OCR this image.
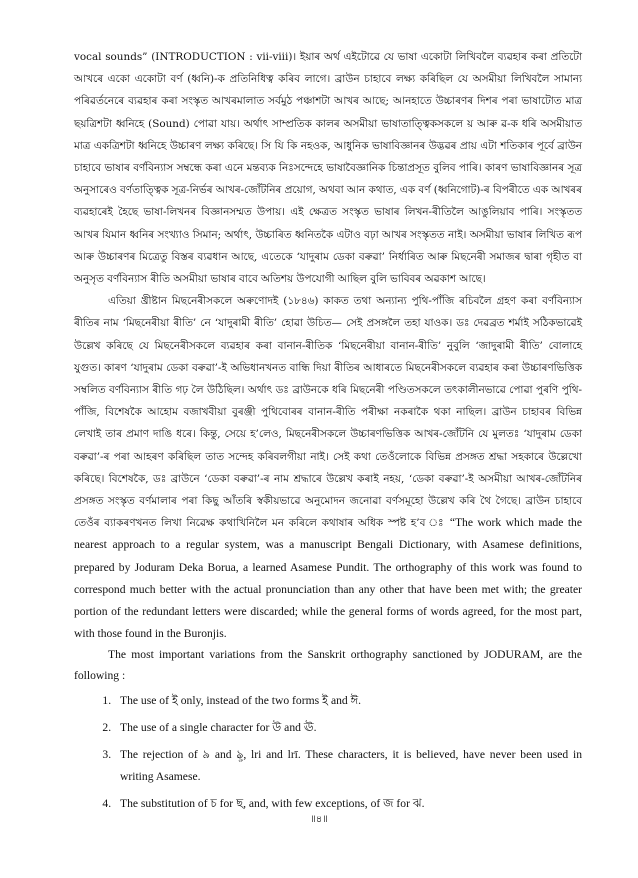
vocal sounds” (INTRODUCTION : vii-viii)। ইয়াৰ অৰ্থ এইটোৱে যে ভাষা একোটা লিখিবলৈ ব্যৱহাৰ কৰা প্ৰতিটো আখৰে একো একোটা বৰ্ণ (ধ্বনি)-ক প্ৰতিনিধিত্ব কৰিব লাগে। ব্ৰাউন চাহাবে লক্ষ্য কৰিছিল যে অসমীয়া লিখিবলৈ সামান্য পৰিৱৰ্তনেৰে ব্যৱহাৰ কৰা সংস্কৃত আখৰমালাত সৰ্বমুঠ পঞ্চাশটা আখৰ আছে; আনহাতে উচ্চাৰণৰ দিশৰ পৰা ভাষাটোত মাত্ৰ ছয়ত্ৰিশটা ধ্বনিহে (Sound) পোৱা যায়। অৰ্থাৎ সাম্প্ৰতিক কালৰ অসমীয়া ভাষাতাত্ত্বিকসকলে য় আৰু ৱ-ক ধৰি অসমীয়াত মাত্ৰ একত্ৰিশটা ধ্বনিহে উচ্চাৰণ লক্ষ্য কৰিছে। সি যি কি নহওক, আধুনিক ভাষাবিজ্ঞানৰ উদ্ভৱৰ প্ৰায় এটা শতিকাৰ পূৰ্বে ব্ৰাউন চাহাবে ভাষাৰ বৰ্ণবিন্যাস সম্বন্ধে কৰা এনে মন্তব্যক নিঃসন্দেহে ভাষাবৈজ্ঞানিক চিন্তাপ্ৰসূত বুলিব পাৰি। কাৰণ ভাষাবিজ্ঞানৰ সূত্ৰ অনুসাৰেও বৰ্ণতাত্ত্বিক সূত্ৰ-নিৰ্ভৰ আখৰ-জোঁটনিৰ প্ৰয়োগ, অথবা আন কথাত, এক বৰ্ণ (ধ্বনিগোট)-ৰ বিপৰীতে এক আখৰৰ ব্যৱহাৰেই হৈছে ভাষা-লিখনৰ বিজ্ঞানসম্মত উপায়। এই ক্ষেত্ৰত সংস্কৃত ভাষাৰ লিখন-ৰীতিলৈ আঙুলিয়াব পাৰি। সংস্কৃতত আখৰ যিমান ধ্বনিৰ সংখ্যাও সিমান; অৰ্থাৎ, উচ্চাৰিত ধ্বনিতকৈ এটাও বঢ়া আখৰ সংস্কৃতত নাই। অসমীয়া ভাষাৰ লিখিত ৰূপ আৰু উচ্চাৰণৰ মিত্ৰেতু বিস্তৰ ব্যৱধান আছে, এতেকে ‘যাদুৰাম ডেকা বৰুৱা’ নিৰ্ধাৰিত আৰু মিছনেৰী সমাজৰ দ্বাৰা গৃহীত বা অনুসৃত বৰ্ণবিন্যাস ৰীতি অসমীয়া ভাষাৰ বাবে অতিশয় উপযোগী আছিল বুলি ভাবিবৰ অৱকাশ আছে।

এতিয়া খ্ৰীষ্টান মিছনেৰীসকলে অৰুণোদই (১৮৪৬) কাকত তথা অন্যান্য পুথি-পাঁজি ৰচিবলৈ গ্ৰহণ কৰা বৰ্ণবিন্যাস ৰীতিৰ নাম ‘মিছনেৰীয়া ৰীতি’ নে ‘যাদুৰামী ৰীতি’ হোৱা উচিত— সেই প্ৰসঙ্গলৈ তহা যাওক। ডঃ দেৱব্ৰত শৰ্মাই সঠিকভাৱেই উল্লেখ কৰিছে যে মিছনেৰীসকলে ব্যৱহাৰ কৰা বানান-ৰীতিক ‘মিছনেৰীয়া বানান-ৰীতি’ নুবুলি ‘জাদুৰামী ৰীতি’ বোলাহে যুগুত। কাৰণ ‘যাদুৰাম ডেকা বৰুৱা’-ই অভিধানখনত বান্ধি দিয়া ৰীতিৰ আধাৰতে মিছনেৰীসকলে ব্যৱহাৰ কৰা উচ্চাৰণভিত্তিক সম্বলিত বৰ্ণবিন্যাস ৰীতি গঢ় লৈ উঠিছিল। অৰ্থাৎ ডঃ ব্ৰাউনকে ধৰি মিছনেৰী পণ্ডিতসকলে তৎকালীনভাৱে পোৱা পুৰণি পুথি-পাঁজি, বিশেষকৈ আহোম বজাখবীয়া বুৰঞ্জী পুথিবোৰৰ বানান-ৰীতি পৰীক্ষা নকৰাকৈ থকা নাছিল। ব্ৰাউন চাহাবৰ বিভিন্ন লেখাই তাৰ প্ৰমাণ দাঙি ধৰে। কিন্তু, সেয়ে হ’লেও, মিছনেৰীসকলে উচ্চাৰণভিত্তিক আখৰ-জোঁটনি যে মুলতঃ ‘যাদুৰাম ডেকা বৰুৱা’-ৰ পৰা আহৰণ কৰিছিল তাত সন্দেহ কৰিবলগীয়া নাই। সেই কথা তেওঁলোকে বিভিন্ন প্ৰসঙ্গত শ্ৰদ্ধা সহকাৰে উল্লেখো কৰিছে। বিশেষকৈ, ডঃ ব্ৰাউনে ‘ডেকা বৰুৱা’-ৰ নাম শ্ৰদ্ধাৰে উল্লেখ কৰাই নহয়, ‘ডেকা বৰুৱা’-ই অসমীয়া আখৰ-জোঁটনিৰ প্ৰসঙ্গত সংস্কৃত বৰ্ণমালাৰ পৰা কিছু আঁতৰি স্বকীয়ভাৱে অনুমোদন জনোৱা বৰ্ণসমূহো উল্লেখ কৰি থৈ গৈছে। ব্ৰাউন চাহাবে তেওঁৰ ব্যাকৰণখনত লিখা নিৱেক্ষ কথাখিনিলৈ মন কৰিলে কথাষাৰ অধিক স্পষ্ট হ’ব ঃ “The work which made the nearest approach to a regular system, was a manuscript Bengali Dictionary, with Asamese definitions, prepared by Joduram Deka Borua, a learned Asamese Pundit. The orthography of this work was found to correspond much better with the actual pronunciation than any other that have been met with; the greater portion of the redundant letters were discarded; while the general forms of words agreed, for the most part, with those found in the Buronjis.

The most important variations from the Sanskrit orthography sanctioned by JODURAM, are the following :

1. The use of ই only, instead of the two forms ই and ঈ.
2. The use of a single character for উ and ঊ.
3. The rejection of ৯ and ৡ, lri and lrī. These characters, it is believed, have never been used in writing Asamese.
4. The substitution of চ for ছ, and, with few exceptions, of জ for ঝ.
॥৪॥
